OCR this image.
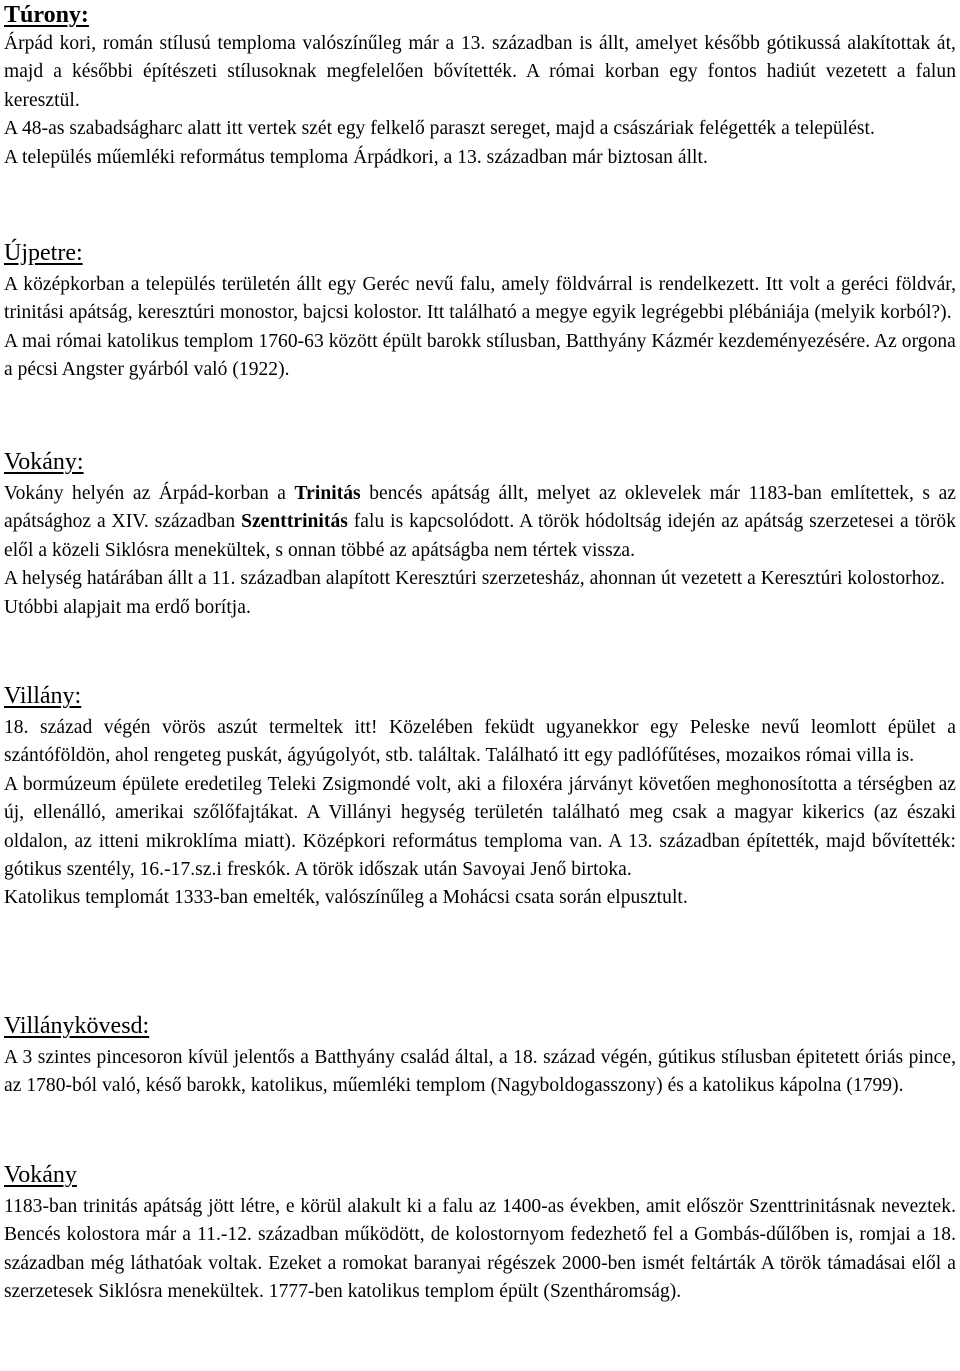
Túrony:

Árpád kori, román stílusú temploma valószínűleg már a 13. században is állt, amelyet később gótikussá alakítottak át, majd a későbbi építészeti stílusoknak megfelelően bővítették. A római korban egy fontos hadiút vezetett a falun keresztül.

A 48-as szabadságharc alatt itt vertek szét egy felkelő paraszt sereget, majd a császáriak felégették a települést.

A település műemléki református temploma Árpádkori, a 13. században már biztosan állt.

Újpetre:

A középkorban a település területén állt egy Geréc nevű falu, amely földvárral is rendelkezett. Itt volt a geréci földvár, trinitási apátság, keresztúri monostor, bajcsi kolostor. Itt található a megye egyik legrégebbi plébániája (melyik korból?).

A mai római katolikus templom 1760-63 között épült barokk stílusban, Batthyány Kázmér kezdeményezésére. Az orgona a pécsi Angster gyárból való (1922).

Vokány:

Vokány helyén az Árpád-korban a Trinitás bencés apátság állt, melyet az oklevelek már 1183-ban említettek, s az apátsághoz a XIV. században Szenttrinitás falu is kapcsolódott. A török hódoltság idején az apátság szerzetesei a török elől a közeli Siklósra menekültek, s onnan többé az apátságba nem tértek vissza.

A helység határában állt a 11. században alapított Keresztúri szerzetesház, ahonnan út vezetett a Keresztúri kolostorhoz. Utóbbi alapjait ma erdő borítja.

Villány:

18. század végén vörös aszút termeltek itt! Közelében feküdt ugyanekkor egy Peleske nevű leomlott épület a szántóföldön, ahol rengeteg puskát, ágyúgolyót, stb. találtak. Található itt egy padlófűtéses, mozaikos római villa is.

A bormúzeum épülete eredetileg Teleki Zsigmondé volt, aki a filoxéra járványt követően meghonosította a térségben az új, ellenálló, amerikai szőlőfajtákat. A Villányi hegység területén található meg csak a magyar kikerics (az északi oldalon, az itteni mikroklíma miatt). Középkori református temploma van. A 13. században építették, majd bővítették: gótikus szentély, 16.-17.sz.i freskók. A török időszak után Savoyai Jenő birtoka.

Katolikus templomát 1333-ban emelték, valószínűleg a Mohácsi csata során elpusztult.

Villánykövesd:

A 3 szintes pincesoron kívül jelentős a Batthyány család által, a 18. század végén, gútikus stílusban épitetett óriás pince, az 1780-ból való, késő barokk, katolikus, műemléki templom (Nagyboldogasszony) és a katolikus kápolna (1799).

Vokány

1183-ban trinitás apátság jött létre, e körül alakult ki a falu az 1400-as években, amit először Szenttrinitásnak neveztek. Bencés kolostora már a 11.-12. században működött, de kolostornyom fedezhető fel a Gombás-dűlőben is, romjai a 18. században még láthatóak voltak. Ezeket a romokat baranyai régészek 2000-ben ismét feltárták A török támadásai elől a szerzetesek Siklósra menekültek. 1777-ben katolikus templom épült (Szentháromság).
